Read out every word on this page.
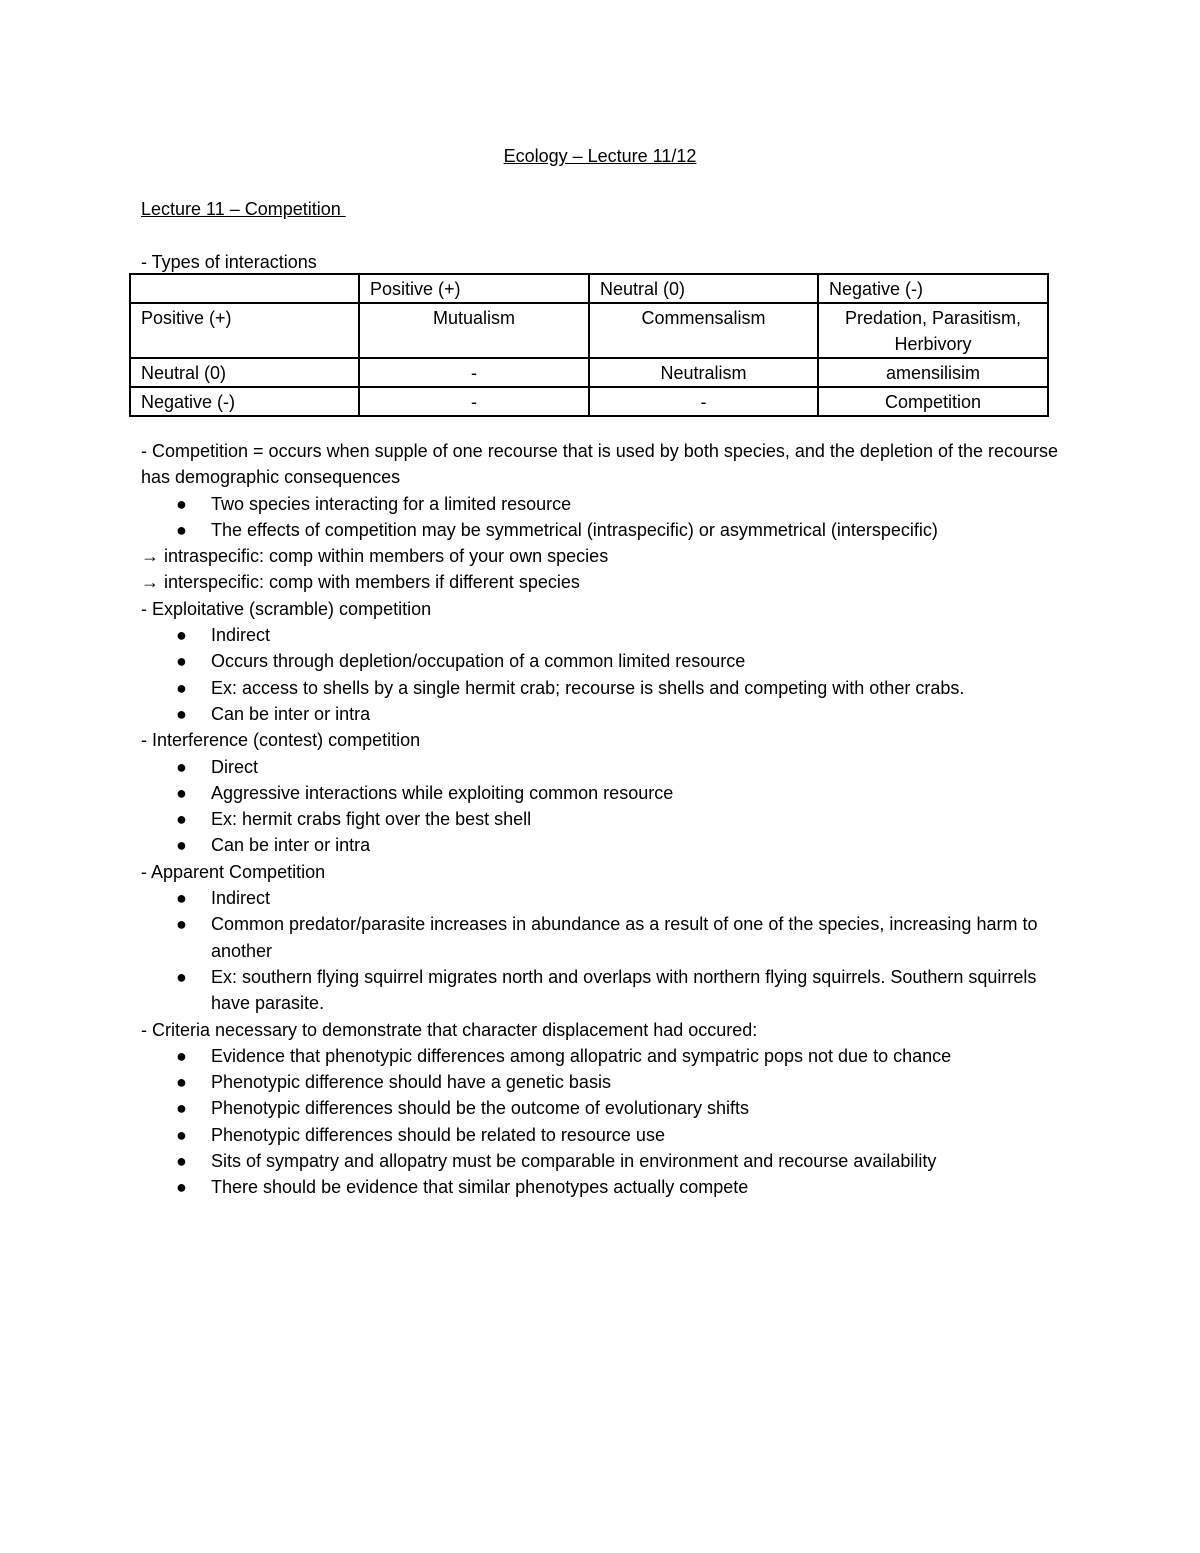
Ecology – Lecture 11/12
Lecture 11 – Competition
- Types of interactions
	Positive (+)	Neutral (0)	Negative (-)
Positive (+)	Mutualism	Commensalism	Predation, Parasitism, Herbivory
Neutral (0)	-	Neutralism	amensilisim
Negative (-)	-	-	Competition
- Competition = occurs when supple of one recourse that is used by both species, and the depletion of the recourse has demographic consequences
● Two species interacting for a limited resource
● The effects of competition may be symmetrical (intraspecific) or asymmetrical (interspecific)
→ intraspecific: comp within members of your own species
→ interspecific: comp with members if different species
- Exploitative (scramble) competition
● Indirect
● Occurs through depletion/occupation of a common limited resource
● Ex: access to shells by a single hermit crab; recourse is shells and competing with other crabs.
● Can be inter or intra
- Interference (contest) competition
● Direct
● Aggressive interactions while exploiting common resource
● Ex: hermit crabs fight over the best shell
● Can be inter or intra
- Apparent Competition
● Indirect
● Common predator/parasite increases in abundance as a result of one of the species, increasing harm to another
● Ex: southern flying squirrel migrates north and overlaps with northern flying squirrels. Southern squirrels have parasite.
- Criteria necessary to demonstrate that character displacement had occured:
● Evidence that phenotypic differences among allopatric and sympatric pops not due to chance
● Phenotypic difference should have a genetic basis
● Phenotypic differences should be the outcome of evolutionary shifts
● Phenotypic differences should be related to resource use
● Sits of sympatry and allopatry must be comparable in environment and recourse availability
● There should be evidence that similar phenotypes actually compete
